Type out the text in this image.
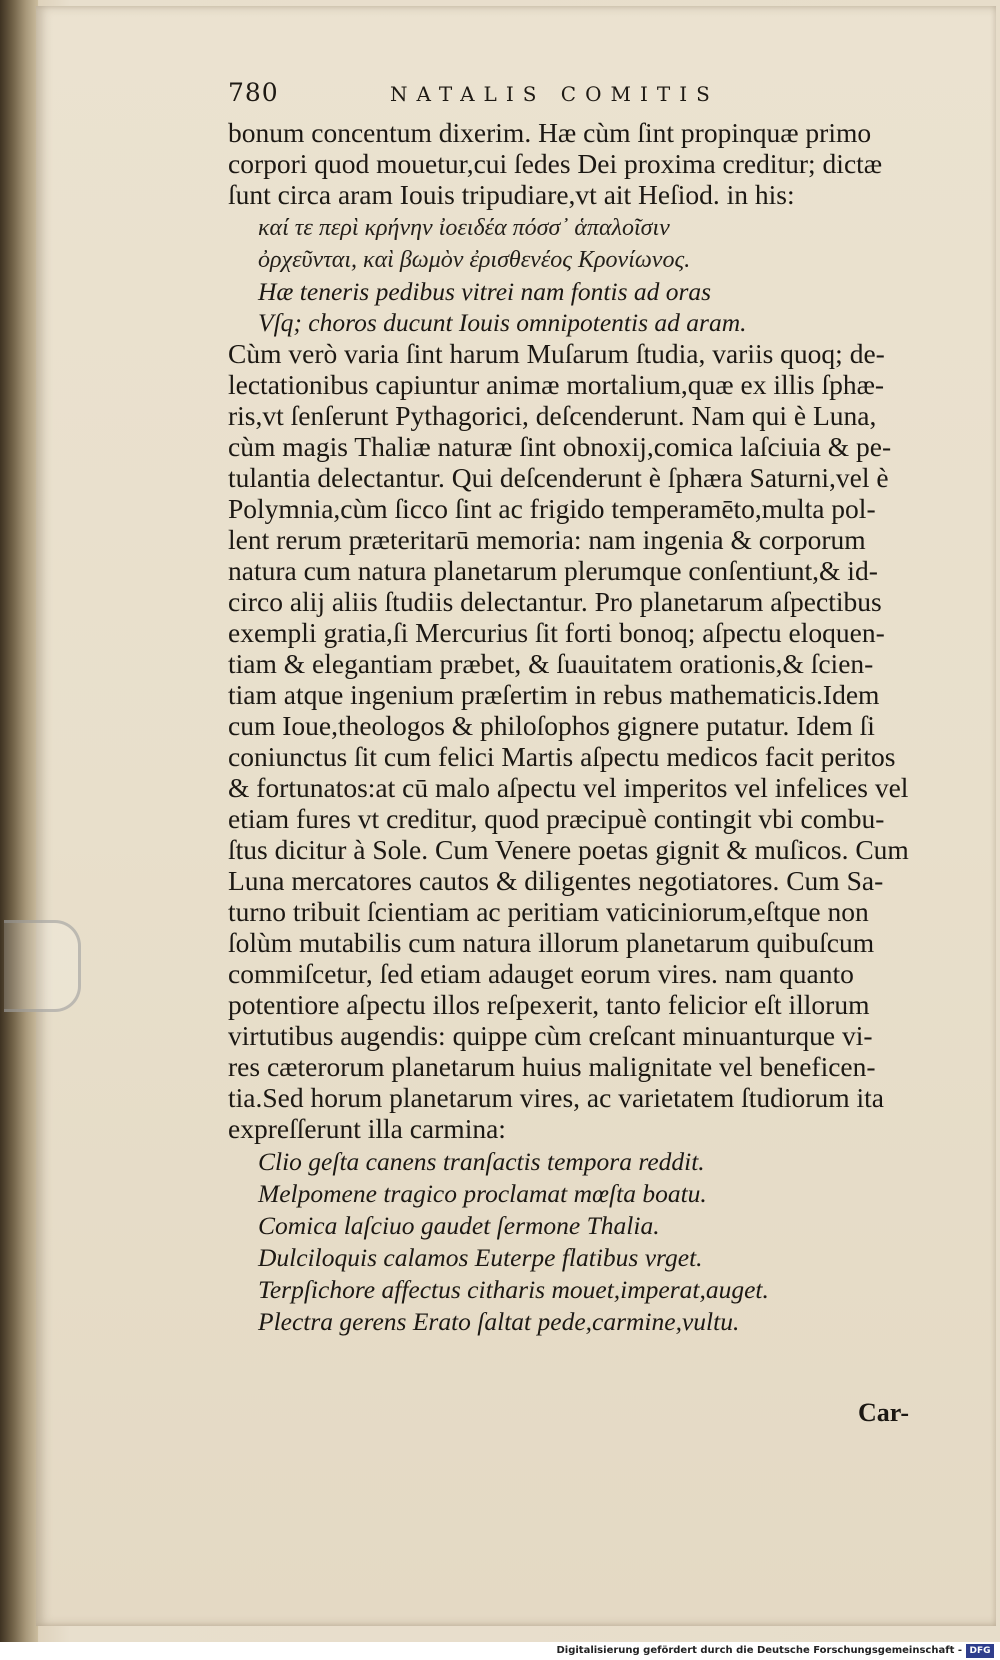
780	NATALIS COMITIS
bonum concentum dixerim. Hæ cùm ſint propinquæ primo
corpori quod mouetur,cui ſedes Dei proxima creditur; dictæ
ſunt circa aram Iouis tripudiare,vt ait Heſiod. in his:
καί τε περὶ κρήνην ἰοειδέα πόσσ᾽ ἁπαλοῖσιν
ὀρχεῦνται, καὶ βωμὸν ἐρισθενέος Κρονίωνος.
Hæ teneris pedibus vitrei nam fontis ad oras
Vſq; choros ducunt Iouis omnipotentis ad aram.
Cùm verò varia ſint harum Muſarum ſtudia, variis quoq; de-
lectationibus capiuntur animæ mortalium,quæ ex illis ſphæ-
ris,vt ſenſerunt Pythagorici, deſcenderunt. Nam qui è Luna,
cùm magis Thaliæ naturæ ſint obnoxij,comica laſciuia & pe-
tulantia delectantur. Qui deſcenderunt è ſphæra Saturni,vel è
Polymnia,cùm ſicco ſint ac frigido temperamēto,multa pol-
lent rerum præteritarū memoria: nam ingenia & corporum
natura cum natura planetarum plerumque conſentiunt,& id-
circo alij aliis ſtudiis delectantur. Pro planetarum aſpectibus
exempli gratia,ſi Mercurius ſit forti bonoq; aſpectu eloquen-
tiam & elegantiam præbet, & ſuauitatem orationis,& ſcien-
tiam atque ingenium præſertim in rebus mathematicis.Idem
cum Ioue,theologos & philoſophos gignere putatur. Idem ſi
coniunctus ſit cum felici Martis aſpectu medicos facit peritos
& fortunatos:at cū malo aſpectu vel imperitos vel infelices vel
etiam fures vt creditur, quod præcipuè contingit vbi combu-
ſtus dicitur à Sole. Cum Venere poetas gignit & muſicos. Cum
Luna mercatores cautos & diligentes negotiatores. Cum Sa-
turno tribuit ſcientiam ac peritiam vaticiniorum,eſtque non
ſolùm mutabilis cum natura illorum planetarum quibuſcum
commiſcetur, ſed etiam adauget eorum vires. nam quanto
potentiore aſpectu illos reſpexerit, tanto felicior eſt illorum
virtutibus augendis: quippe cùm creſcant minuanturque vi-
res cæterorum planetarum huius malignitate vel beneficen-
tia.Sed horum planetarum vires, ac varietatem ſtudiorum ita
expreſſerunt illa carmina:
Clio geſta canens tranſactis tempora reddit.
Melpomene tragico proclamat mœſta boatu.
Comica laſciuo gaudet ſermone Thalia.
Dulciloquis calamos Euterpe flatibus vrget.
Terpſichore affectus citharis mouet,imperat,auget.
Plectra gerens Erato ſaltat pede,carmine,vultu.
Car-
Digitalisierung gefördert durch die Deutsche Forschungsgemeinschaft - DFG
